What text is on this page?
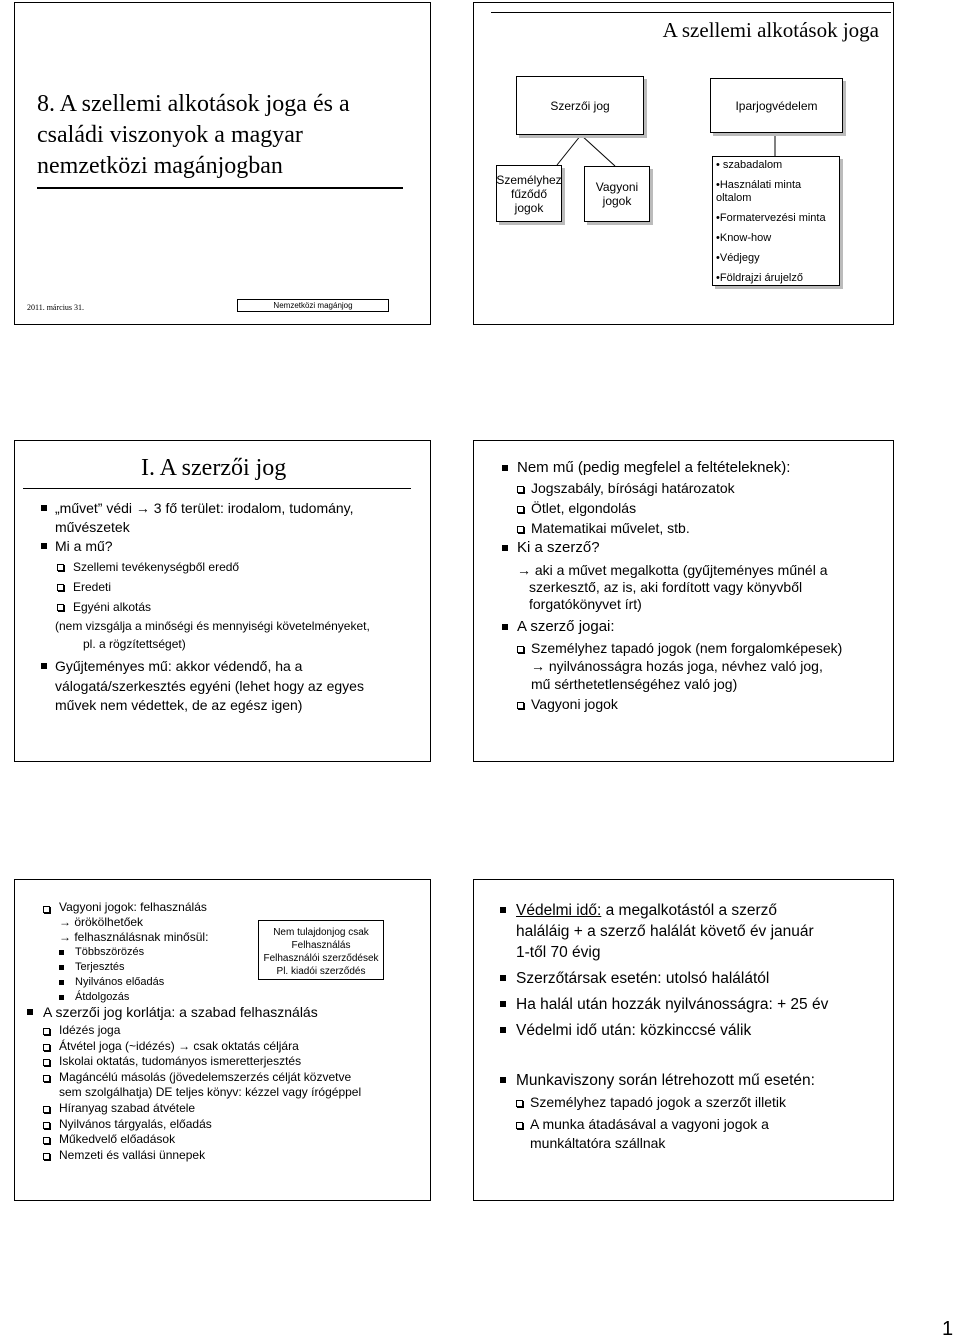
8. A szellemi alkotások joga és a
családi viszonyok a magyar
nemzetközi magánjogban
2011. március 31.	Nemzetközi magánjog
A szellemi alkotások joga
Szerzői jog	Iparjogvédelem
Személyhez
fűződő jogok
Vagyoni
jogok
• szabadalom
•Használati minta
oltalom
•Formatervezési minta
•Know-how
•Védjegy
•Földrajzi árujelző
I. A szerzői jog
„művet” védi → 3 fő terület: irodalom, tudomány,
művészetek
Mi a mű?
Szellemi tevékenységből eredő
Eredeti
Egyéni alkotás
(nem vizsgálja a minőségi és mennyiségi követelményeket,
pl. a rögzítettséget)
Gyűjteményes mű: akkor védendő, ha a
válogatá/szerkesztés egyéni (lehet hogy az egyes
művek nem védettek, de az egész igen)
Nem mű (pedig megfelel a feltételeknek):
Jogszabály, bírósági határozatok
Ötlet, elgondolás
Matematikai művelet, stb.
Ki a szerző?
→ aki a művet megalkotta (gyűjteményes műnél a
szerkesztő, az is, aki fordított vagy könyvből
forgatókönyvet írt)
A szerző jogai:
Személyhez tapadó jogok (nem forgalomképesek)
→ nyilvánosságra hozás joga, névhez való jog,
mű sérthetetlenségéhez való jog)
Vagyoni jogok
Vagyoni jogok: felhasználás
→ örökölhetőek
→ felhasználásnak minősül:
Többszörözés
Terjesztés
Nyilvános előadás
Átdolgozás
Nem tulajdonjog csak
Felhasználás
Felhasználói szerződések
Pl. kiadói szerződés
A szerzői jog korlátja: a szabad felhasználás
Idézés joga
Átvétel joga (~idézés) → csak oktatás céljára
Iskolai oktatás, tudományos ismeretterjesztés
Magáncélú másolás (jövedelemszerzés célját közvetve
sem szolgálhatja) DE teljes könyv: kézzel vagy írógéppel
Híranyag szabad átvétele
Nyilvános tárgyalás, előadás
Műkedvelő előadások
Nemzeti és vallási ünnepek
Védelmi idő: a megalkotástól a szerző
haláláig + a szerző halálát követő év január
1-től 70 évig
Szerzőtársak esetén: utolsó halálától
Ha halál után hozzák nyilvánosságra: + 25 év
Védelmi idő után: közkinccsé válik
Munkaviszony során létrehozott mű esetén:
Személyhez tapadó jogok a szerzőt illetik
A munka átadásával a vagyoni jogok a
munkáltatóra szállnak
1
